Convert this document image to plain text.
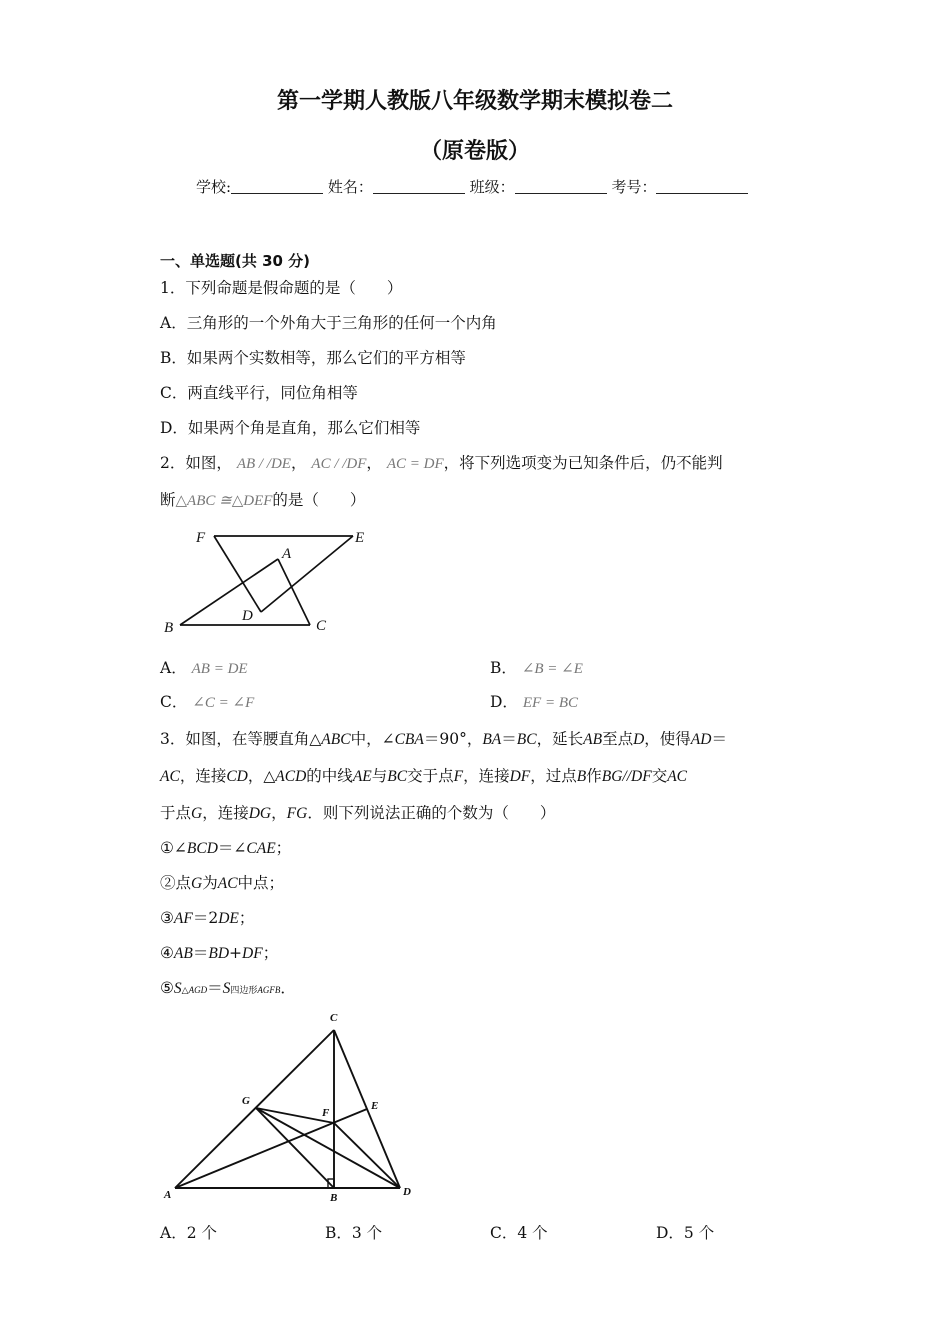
第一学期人教版八年级数学期末模拟卷二
（原卷版）
学校:	姓名：	班级：	考号：
一、单选题(共 30 分)
1．下列命题是假命题的是（　　）
A．三角形的一个外角大于三角形的任何一个内角
B．如果两个实数相等，那么它们的平方相等
C．两直线平行，同位角相等
D．如果两个角是直角，那么它们相等
2．如图， AB / /DE， AC / /DF， AC = DF，将下列选项变为已知条件后，仍不能判
断△ABC ≅△DEF的是（　　）
F	E
A
D
B	C
A． AB = DE	B． ∠B = ∠E
C． ∠C = ∠F	D． EF = BC
3．如图，在等腰直角△ABC中，∠CBA＝90°，BA＝BC，延长AB至点D，使得AD＝
AC，连接CD，△ACD的中线AE与BC交于点F，连接DF，过点B作BG//DF交AC
于点G，连接DG，FG．则下列说法正确的个数为（　　）
①∠BCD＝∠CAE；
②点G为AC中点；
③AF＝2DE；
④AB＝BD+DF；
⑤S△AGD＝S四边形AGFB．
C
G
F
E
A	B	D
A．2 个	B．3 个	C．4 个	D．5 个
